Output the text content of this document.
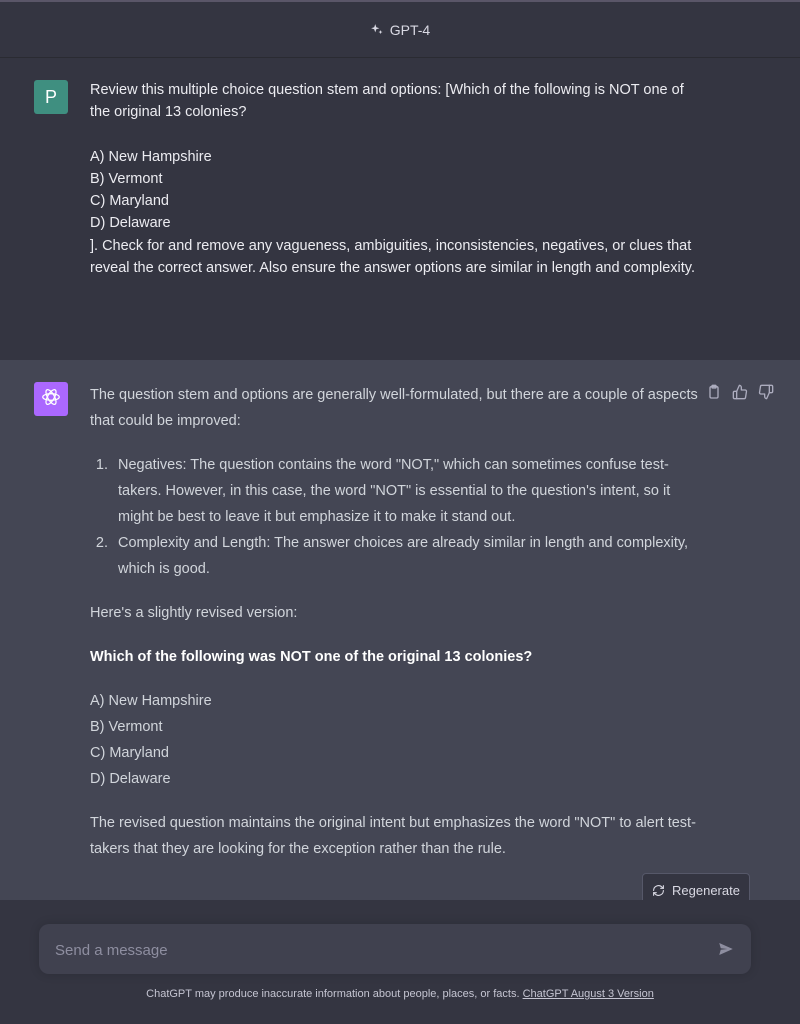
GPT-4
P Review this multiple choice question stem and options: [Which of the following is NOT one of the original 13 colonies?

A) New Hampshire

B) Vermont

C) Maryland

D) Delaware

]. Check for and remove any vagueness, ambiguities, inconsistencies, negatives, or clues that reveal the correct answer. Also ensure the answer options are similar in length and complexity.

The question stem and options are generally well-formulated, but there are a couple of aspects that could be improved:

1. Negatives: The question contains the word "NOT," which can sometimes confuse test-takers. However, in this case, the word "NOT" is essential to the question's intent, so it might be best to leave it but emphasize it to make it stand out.
2. Complexity and Length: The answer choices are already similar in length and complexity, which is good.

Here's a slightly revised version:

Which of the following was NOT one of the original 13 colonies?

A) New Hampshire

B) Vermont

C) Maryland

D) Delaware

The revised question maintains the original intent but emphasizes the word "NOT" to alert test-takers that they are looking for the exception rather than the rule.

Regenerate
Send a message
ChatGPT may produce inaccurate information about people, places, or facts. ChatGPT August 3 Version
